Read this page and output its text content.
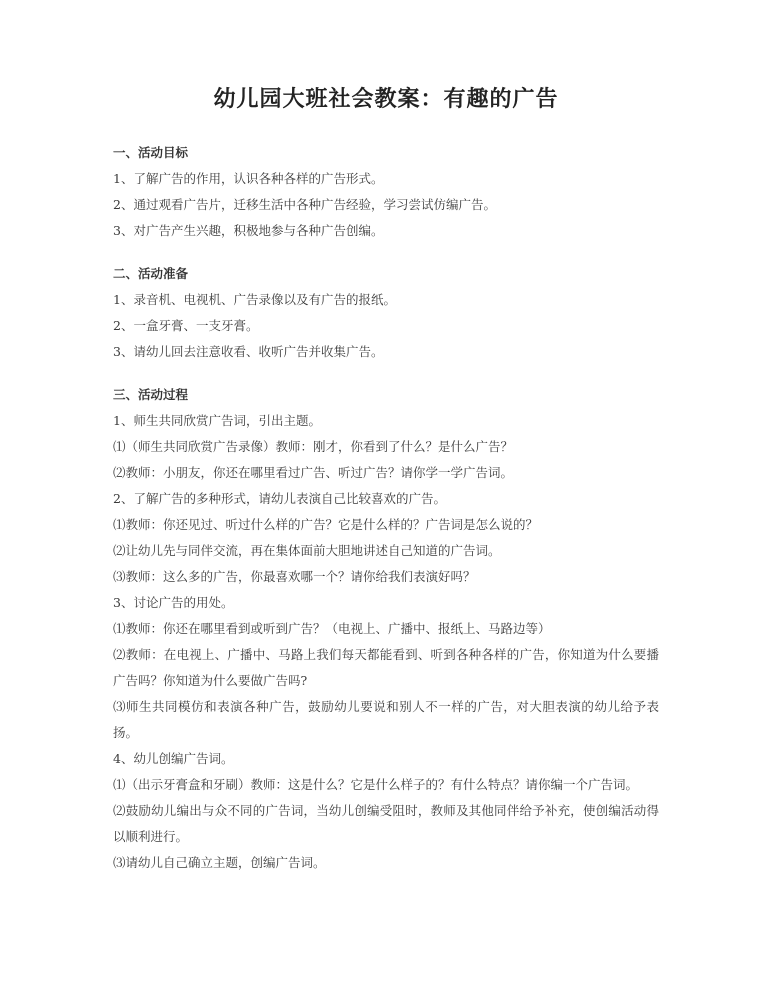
幼儿园大班社会教案：有趣的广告
一、活动目标

1、了解广告的作用，认识各种各样的广告形式。

2、通过观看广告片，迁移生活中各种广告经验，学习尝试仿编广告。

3、对广告产生兴趣，积极地参与各种广告创编。

二、活动准备

1、录音机、电视机、广告录像以及有广告的报纸。

2、一盒牙膏、一支牙膏。

3、请幼儿回去注意收看、收听广告并收集广告。

三、活动过程

1、师生共同欣赏广告词，引出主题。

⑴（师生共同欣赏广告录像）教师：刚才，你看到了什么？是什么广告？

⑵教师：小朋友，你还在哪里看过广告、听过广告？请你学一学广告词。

2、了解广告的多种形式，请幼儿表演自己比较喜欢的广告。

⑴教师：你还见过、听过什么样的广告？它是什么样的？广告词是怎么说的？

⑵让幼儿先与同伴交流，再在集体面前大胆地讲述自己知道的广告词。

⑶教师：这么多的广告，你最喜欢哪一个？请你给我们表演好吗？

3、讨论广告的用处。

⑴教师：你还在哪里看到或听到广告？（电视上、广播中、报纸上、马路边等）

⑵教师：在电视上、广播中、马路上我们每天都能看到、听到各种各样的广告，你知道为什么要播广告吗？你知道为什么要做广告吗?

⑶师生共同模仿和表演各种广告，鼓励幼儿要说和别人不一样的广告，对大胆表演的幼儿给予表扬。

4、幼儿创编广告词。

⑴（出示牙膏盒和牙刷）教师：这是什么？它是什么样子的？有什么特点？请你编一个广告词。

⑵鼓励幼儿编出与众不同的广告词，当幼儿创编受阻时，教师及其他同伴给予补充，使创编活动得以顺利进行。

⑶请幼儿自己确立主题，创编广告词。
